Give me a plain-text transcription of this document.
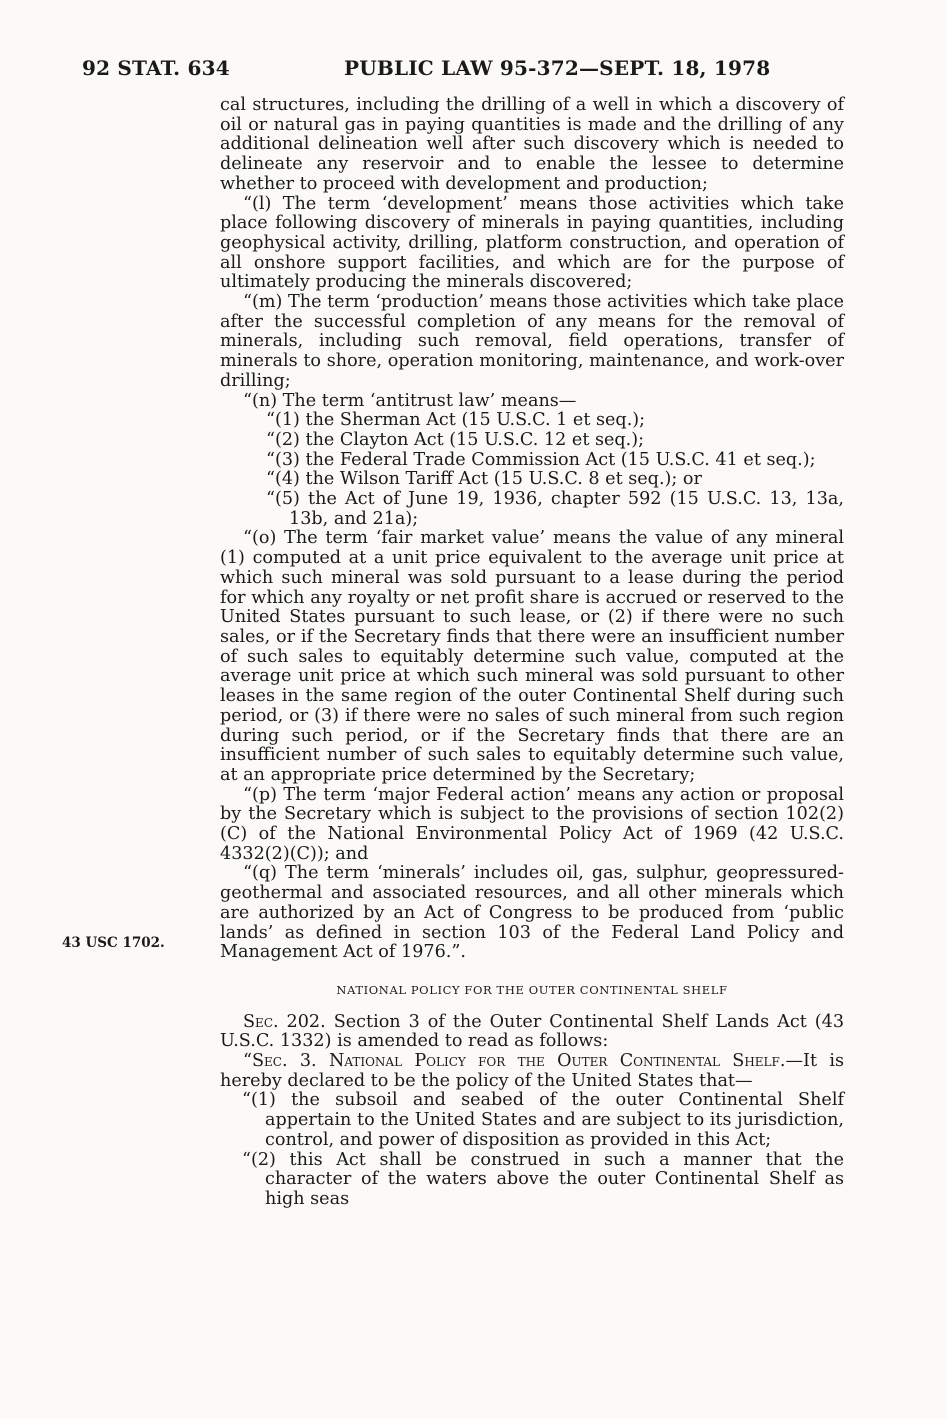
92 STAT. 634	PUBLIC LAW 95-372—SEPT. 18, 1978
43 USC 1702.

cal structures, including the drilling of a well in which a discovery of oil or natural gas in paying quantities is made and the drilling of any additional delineation well after such discovery which is needed to delineate any reservoir and to enable the lessee to determine whether to proceed with development and production;

“(l) The term ‘development’ means those activities which take place following discovery of minerals in paying quantities, including geophysical activity, drilling, platform construction, and operation of all onshore support facilities, and which are for the purpose of ultimately producing the minerals discovered;

“(m) The term ‘production’ means those activities which take place after the successful completion of any means for the removal of minerals, including such removal, field operations, transfer of minerals to shore, operation monitoring, maintenance, and work-over drilling;

“(n) The term ‘antitrust law’ means—

“(1) the Sherman Act (15 U.S.C. 1 et seq.);

“(2) the Clayton Act (15 U.S.C. 12 et seq.);

“(3) the Federal Trade Commission Act (15 U.S.C. 41 et seq.);

“(4) the Wilson Tariff Act (15 U.S.C. 8 et seq.); or

“(5) the Act of June 19, 1936, chapter 592 (15 U.S.C. 13, 13a, 13b, and 21a);

“(o) The term ‘fair market value’ means the value of any mineral (1) computed at a unit price equivalent to the average unit price at which such mineral was sold pursuant to a lease during the period for which any royalty or net profit share is accrued or reserved to the United States pursuant to such lease, or (2) if there were no such sales, or if the Secretary finds that there were an insufficient number of such sales to equitably determine such value, computed at the average unit price at which such mineral was sold pursuant to other leases in the same region of the outer Continental Shelf during such period, or (3) if there were no sales of such mineral from such region during such period, or if the Secretary finds that there are an insufficient number of such sales to equitably determine such value, at an appropriate price determined by the Secretary;

“(p) The term ‘major Federal action’ means any action or proposal by the Secretary which is subject to the provisions of section 102(2) (C) of the National Environmental Policy Act of 1969 (42 U.S.C. 4332(2)(C)); and

“(q) The term ‘minerals’ includes oil, gas, sulphur, geopressured-geothermal and associated resources, and all other minerals which are authorized by an Act of Congress to be produced from ‘public lands’ as defined in section 103 of the Federal Land Policy and Management Act of 1976.”.

NATIONAL POLICY FOR THE OUTER CONTINENTAL SHELF

Sec. 202. Section 3 of the Outer Continental Shelf Lands Act (43 U.S.C. 1332) is amended to read as follows:

“Sec. 3. National Policy for the Outer Continental Shelf.—It is hereby declared to be the policy of the United States that—

“(1) the subsoil and seabed of the outer Continental Shelf appertain to the United States and are subject to its jurisdiction, control, and power of disposition as provided in this Act;

“(2) this Act shall be construed in such a manner that the character of the waters above the outer Continental Shelf as high seas
